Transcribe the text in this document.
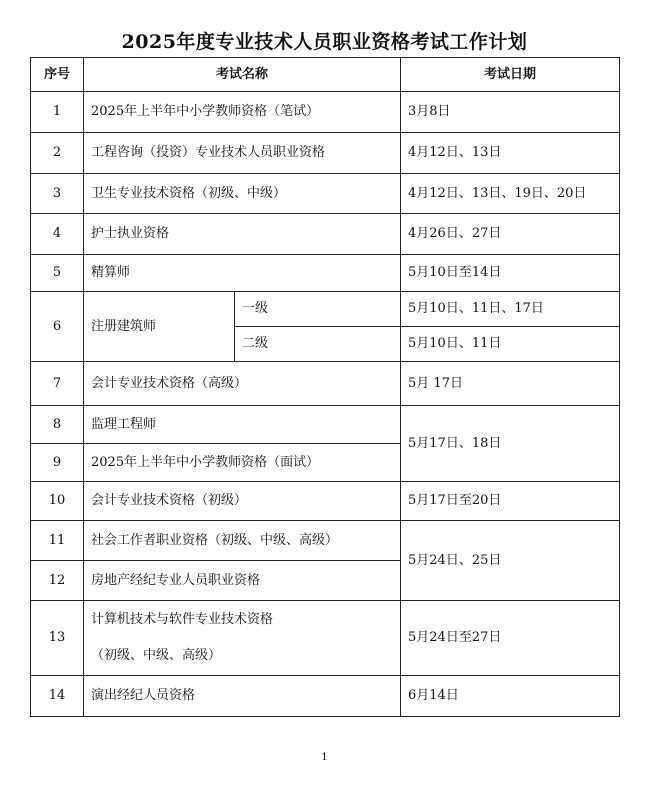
2025年度专业技术人员职业资格考试工作计划
序号	考试名称		考试日期
1	2025年上半年中小学教师资格（笔试）		3月8日
2	工程咨询（投资）专业技术人员职业资格		4月12日、13日
3	卫生专业技术资格（初级、中级）		4月12日、13日、19日、20日
4	护士执业资格		4月26日、27日
5	精算师		5月10日至14日
6	注册建筑师	一级	5月10日、11日、17日
		二级	5月10日、11日
7	会计专业技术资格（高级）		5月 17日
8	监理工程师		5月17日、18日
9	2025年上半年中小学教师资格（面试）		
10	会计专业技术资格（初级）		5月17日至20日
11	社会工作者职业资格（初级、中级、高级）		5月24日、25日
12	房地产经纪专业人员职业资格		
13	计算机技术与软件专业技术资格
（初级、中级、高级）		5月24日至27日
14	演出经纪人员资格		6月14日
1
